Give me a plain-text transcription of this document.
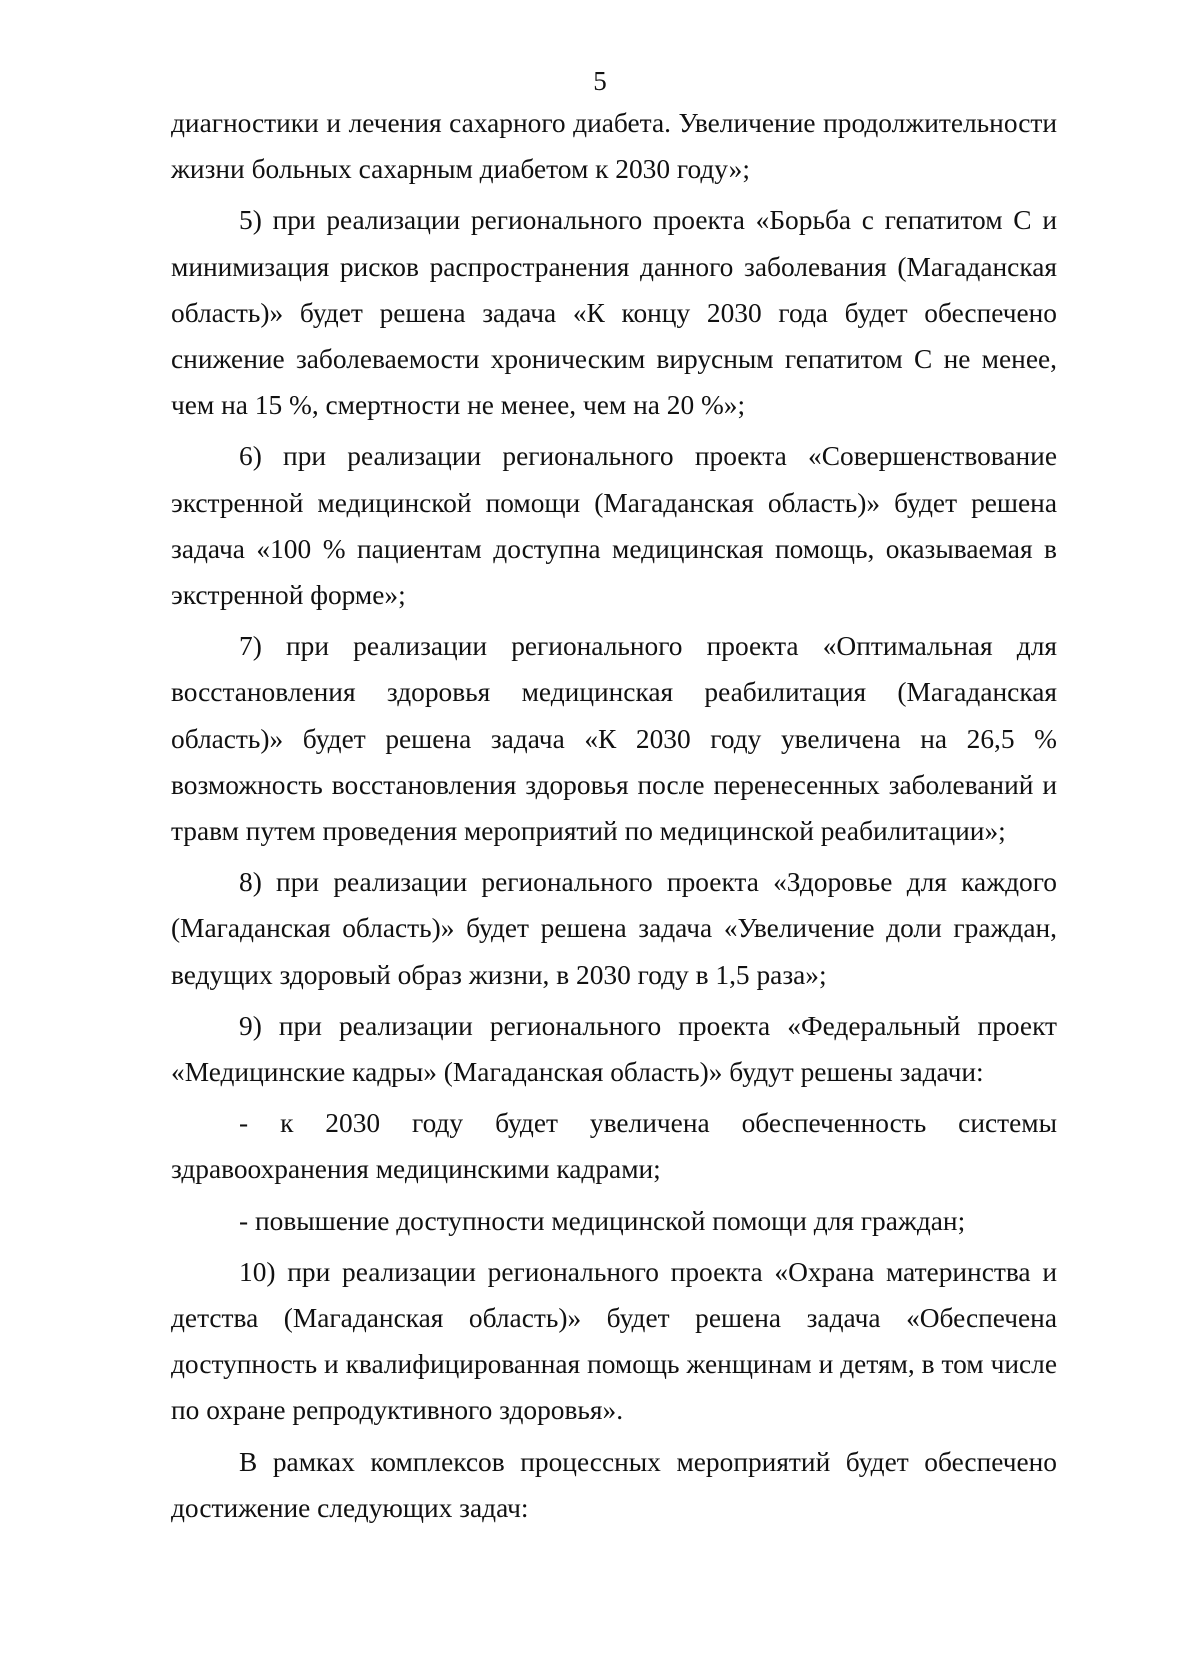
5

диагностики и лечения сахарного диабета. Увеличение продолжительности жизни больных сахарным диабетом к 2030 году»;

5) при реализации регионального проекта «Борьба с гепатитом С и минимизация рисков распространения данного заболевания (Магаданская область)» будет решена задача «К концу 2030 года будет обеспечено снижение заболеваемости хроническим вирусным гепатитом С не менее, чем на 15 %, смертности не менее, чем на 20 %»;

6) при реализации регионального проекта «Совершенствование экстренной медицинской помощи (Магаданская область)» будет решена задача «100 % пациентам доступна медицинская помощь, оказываемая в экстренной форме»;

7) при реализации регионального проекта «Оптимальная для восстановления здоровья медицинская реабилитация (Магаданская область)» будет решена задача «К 2030 году увеличена на 26,5 % возможность восстановления здоровья после перенесенных заболеваний и травм путем проведения мероприятий по медицинской реабилитации»;

8) при реализации регионального проекта «Здоровье для каждого (Магаданская область)» будет решена задача «Увеличение доли граждан, ведущих здоровый образ жизни, в 2030 году в 1,5 раза»;

9) при реализации регионального проекта «Федеральный проект «Медицинские кадры» (Магаданская область)» будут решены задачи:

- к 2030 году будет увеличена обеспеченность системы здравоохранения медицинскими кадрами;

- повышение доступности медицинской помощи для граждан;

10) при реализации регионального проекта «Охрана материнства и детства (Магаданская область)» будет решена задача «Обеспечена доступность и квалифицированная помощь женщинам и детям, в том числе по охране репродуктивного здоровья».

В рамках комплексов процессных мероприятий будет обеспечено достижение следующих задач:
